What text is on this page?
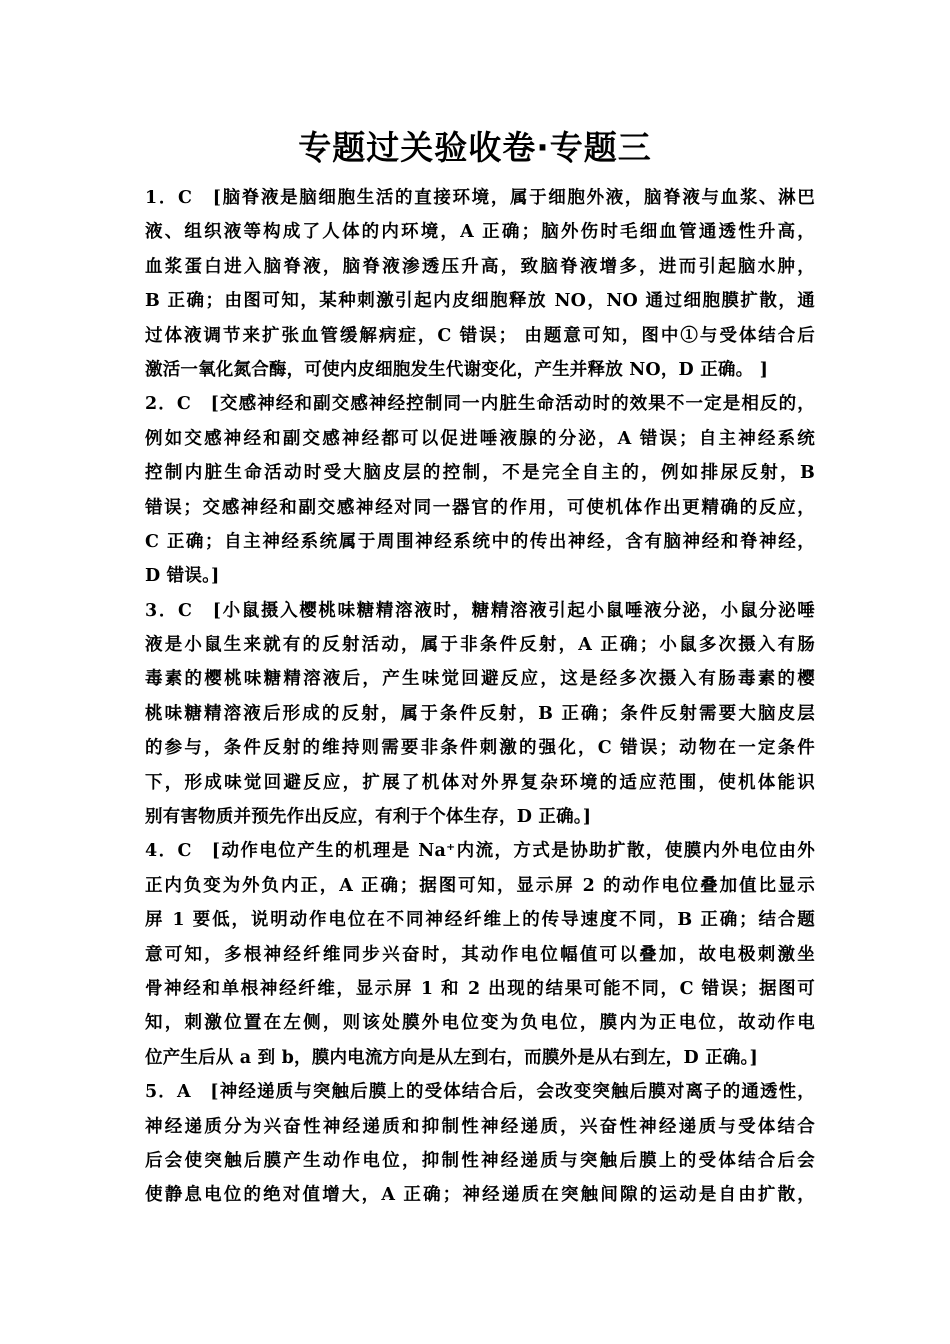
专题过关验收卷·专题三
1．C　[脑脊液是脑细胞生活的直接环境，属于细胞外液，脑脊液与血浆、淋巴
液、组织液等构成了人体的内环境，A 正确；脑外伤时毛细血管通透性升高，
血浆蛋白进入脑脊液，脑脊液渗透压升高，致脑脊液增多，进而引起脑水肿，
B 正确；由图可知，某种刺激引起内皮细胞释放 NO，NO 通过细胞膜扩散，通
过体液调节来扩张血管缓解病症，C 错误； 由题意可知，图中①与受体结合后
激活一氧化氮合酶，可使内皮细胞发生代谢变化，产生并释放 NO，D 正确。 ]
2．C　[交感神经和副交感神经控制同一内脏生命活动时的效果不一定是相反的，
例如交感神经和副交感神经都可以促进唾液腺的分泌，A 错误；自主神经系统
控制内脏生命活动时受大脑皮层的控制，不是完全自主的，例如排尿反射，B
错误；交感神经和副交感神经对同一器官的作用，可使机体作出更精确的反应，
C 正确；自主神经系统属于周围神经系统中的传出神经，含有脑神经和脊神经，
D 错误。]
3．C　[小鼠摄入樱桃味糖精溶液时，糖精溶液引起小鼠唾液分泌，小鼠分泌唾
液是小鼠生来就有的反射活动，属于非条件反射，A 正确；小鼠多次摄入有肠
毒素的樱桃味糖精溶液后，产生味觉回避反应，这是经多次摄入有肠毒素的樱
桃味糖精溶液后形成的反射，属于条件反射，B 正确；条件反射需要大脑皮层
的参与，条件反射的维持则需要非条件刺激的强化，C 错误；动物在一定条件
下，形成味觉回避反应，扩展了机体对外界复杂环境的适应范围，使机体能识
别有害物质并预先作出反应，有利于个体生存，D 正确。]
4．C　[动作电位产生的机理是 Na⁺内流，方式是协助扩散，使膜内外电位由外
正内负变为外负内正，A 正确；据图可知，显示屏 2 的动作电位叠加值比显示
屏 1 要低，说明动作电位在不同神经纤维上的传导速度不同，B 正确；结合题
意可知，多根神经纤维同步兴奋时，其动作电位幅值可以叠加，故电极刺激坐
骨神经和单根神经纤维，显示屏 1 和 2 出现的结果可能不同，C 错误；据图可
知，刺激位置在左侧，则该处膜外电位变为负电位，膜内为正电位，故动作电
位产生后从 a 到 b，膜内电流方向是从左到右，而膜外是从右到左，D 正确。]
5．A　[神经递质与突触后膜上的受体结合后，会改变突触后膜对离子的通透性，
神经递质分为兴奋性神经递质和抑制性神经递质，兴奋性神经递质与受体结合
后会使突触后膜产生动作电位，抑制性神经递质与突触后膜上的受体结合后会
使静息电位的绝对值增大，A 正确；神经递质在突触间隙的运动是自由扩散，
